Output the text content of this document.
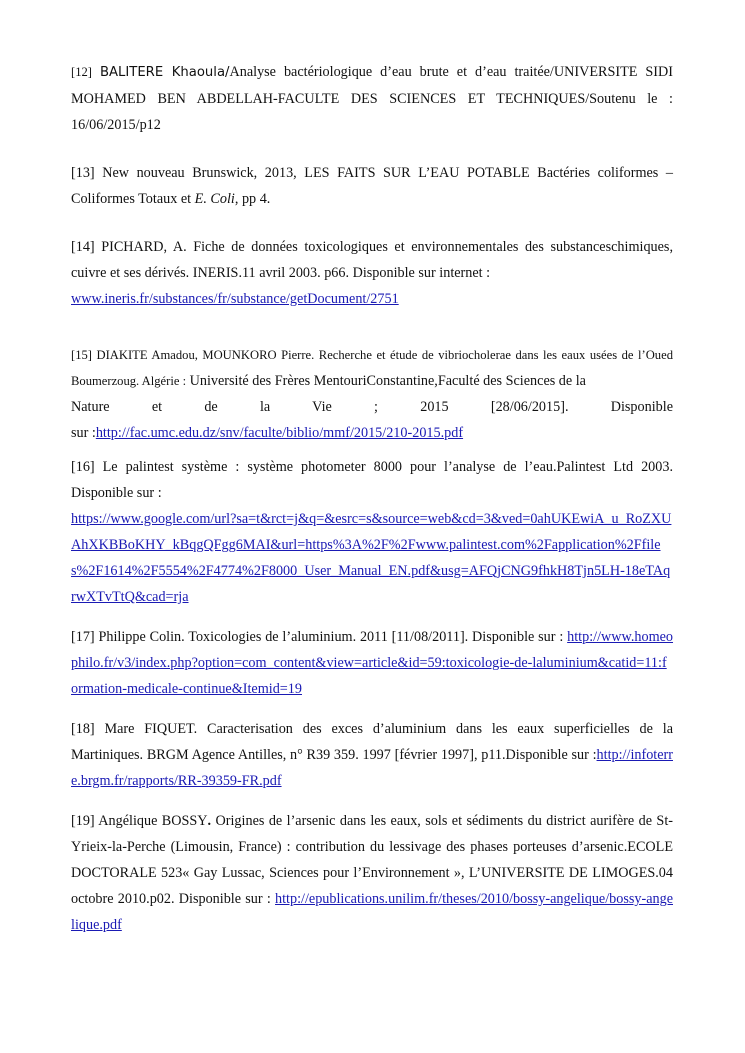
[12] BALITERE Khaoula/Analyse bactériologique d’eau brute et d’eau traitée/UNIVERSITE SIDI MOHAMED BEN ABDELLAH-FACULTE DES SCIENCES ET TECHNIQUES/Soutenu le : 16/06/2015/p12

[13] New nouveau Brunswick, 2013, LES FAITS SUR L’EAU POTABLE Bactéries coliformes – Coliformes Totaux et E. Coli, pp 4.

[14] PICHARD, A. Fiche de données toxicologiques et environnementales des substanceschimiques, cuivre et ses dérivés. INERIS.11 avril 2003. p66. Disponible sur internet :
www.ineris.fr/substances/fr/substance/getDocument/2751

[15] DIAKITE Amadou, MOUNKORO Pierre. Recherche et étude de vibriocholerae dans les eaux usées de l’Oued Boumerzoug. Algérie : Université des Frères MentouriConstantine,Faculté des Sciences de la
Nature et de la Vie ; 2015 [28/06/2015]. Disponible
sur :http://fac.umc.edu.dz/snv/faculte/biblio/mmf/2015/210-2015.pdf

[16] Le palintest système : système photometer 8000 pour l’analyse de l’eau.Palintest Ltd 2003. Disponible sur :
https://www.google.com/url?sa=t&rct=j&q=&esrc=s&source=web&cd=3&ved=0ahUKEwiA_u_RoZXUAhXKBBoKHY_kBqgQFgg6MAI&url=https%3A%2F%2Fwww.palintest.com%2Fapplication%2Ffiles%2F1614%2F5554%2F4774%2F8000_User_Manual_EN.pdf&usg=AFQjCNG9fhkH8Tjn5LH-18eTAqrwXTvTtQ&cad=rja

[17] Philippe Colin. Toxicologies de l’aluminium. 2011 [11/08/2011]. Disponible sur : http://www.homeophilo.fr/v3/index.php?option=com_content&view=article&id=59:toxicologie-de-laluminium&catid=11:formation-medicale-continue&Itemid=19

[18] Mare FIQUET. Caracterisation des exces d’aluminium dans les eaux superficielles de la Martiniques. BRGM Agence Antilles, n° R39 359. 1997 [février 1997], p11.Disponible sur :http://infoterre.brgm.fr/rapports/RR-39359-FR.pdf

[19] Angélique BOSSY. Origines de l’arsenic dans les eaux, sols et sédiments du district aurifère de St-Yrieix-la-Perche (Limousin, France) : contribution du lessivage des phases porteuses d’arsenic.ECOLE DOCTORALE 523« Gay Lussac, Sciences pour l’Environnement », L’UNIVERSITE DE LIMOGES.04 octobre 2010.p02. Disponible sur : http://epublications.unilim.fr/theses/2010/bossy-angelique/bossy-angelique.pdf
